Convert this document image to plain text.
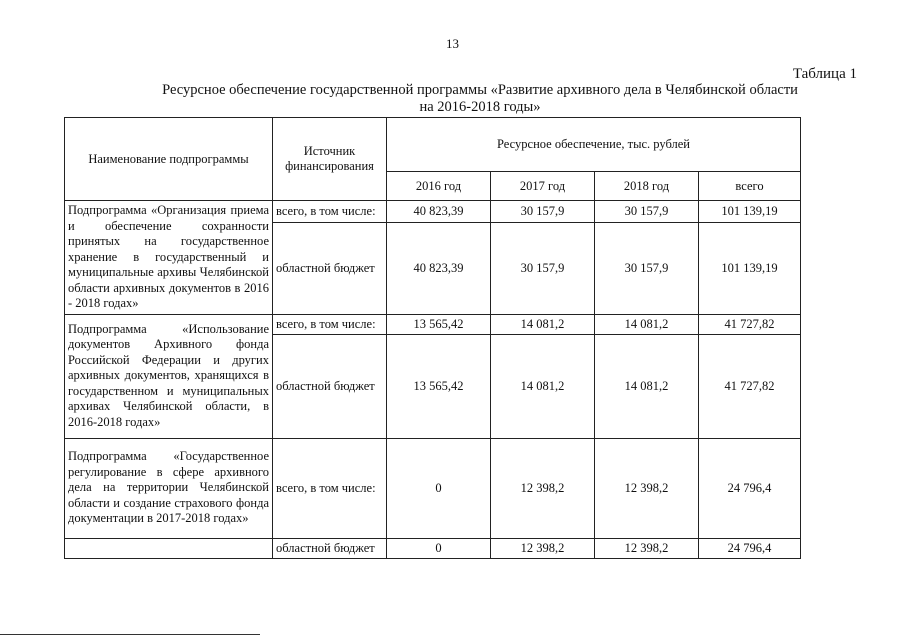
13
Таблица 1
Ресурсное обеспечение государственной программы «Развитие архивного дела в Челябинской области
на 2016-2018 годы»
Наименование подпрограммы	Источник финансирования	Ресурсное обеспечение, тыс. рублей			
		2016 год	2017 год	2018 год	всего
Подпрограмма «Организация приема и обеспечение сохранности принятых на государственное хранение в государственный и муниципальные архивы Челябинской области архивных документов в 2016 - 2018 годах»	всего, в том числе:	40 823,39	30 157,9	30 157,9	101 139,19
	областной бюджет	40 823,39	30 157,9	30 157,9	101 139,19
Подпрограмма «Использование документов Архивного фонда Российской Федерации и других архивных документов, хранящихся в государственном и муниципальных архивах Челябинской области, в 2016-2018 годах»	всего, в том числе:	13 565,42	14 081,2	14 081,2	41 727,82
	областной бюджет	13 565,42	14 081,2	14 081,2	41 727,82
Подпрограмма «Государственное регулирование в сфере архивного дела на территории Челябинской области и создание страхового фонда документации в 2017-2018 годах»	всего, в том числе:	0	12 398,2	12 398,2	24 796,4
	областной бюджет	0	12 398,2	12 398,2	24 796,4
